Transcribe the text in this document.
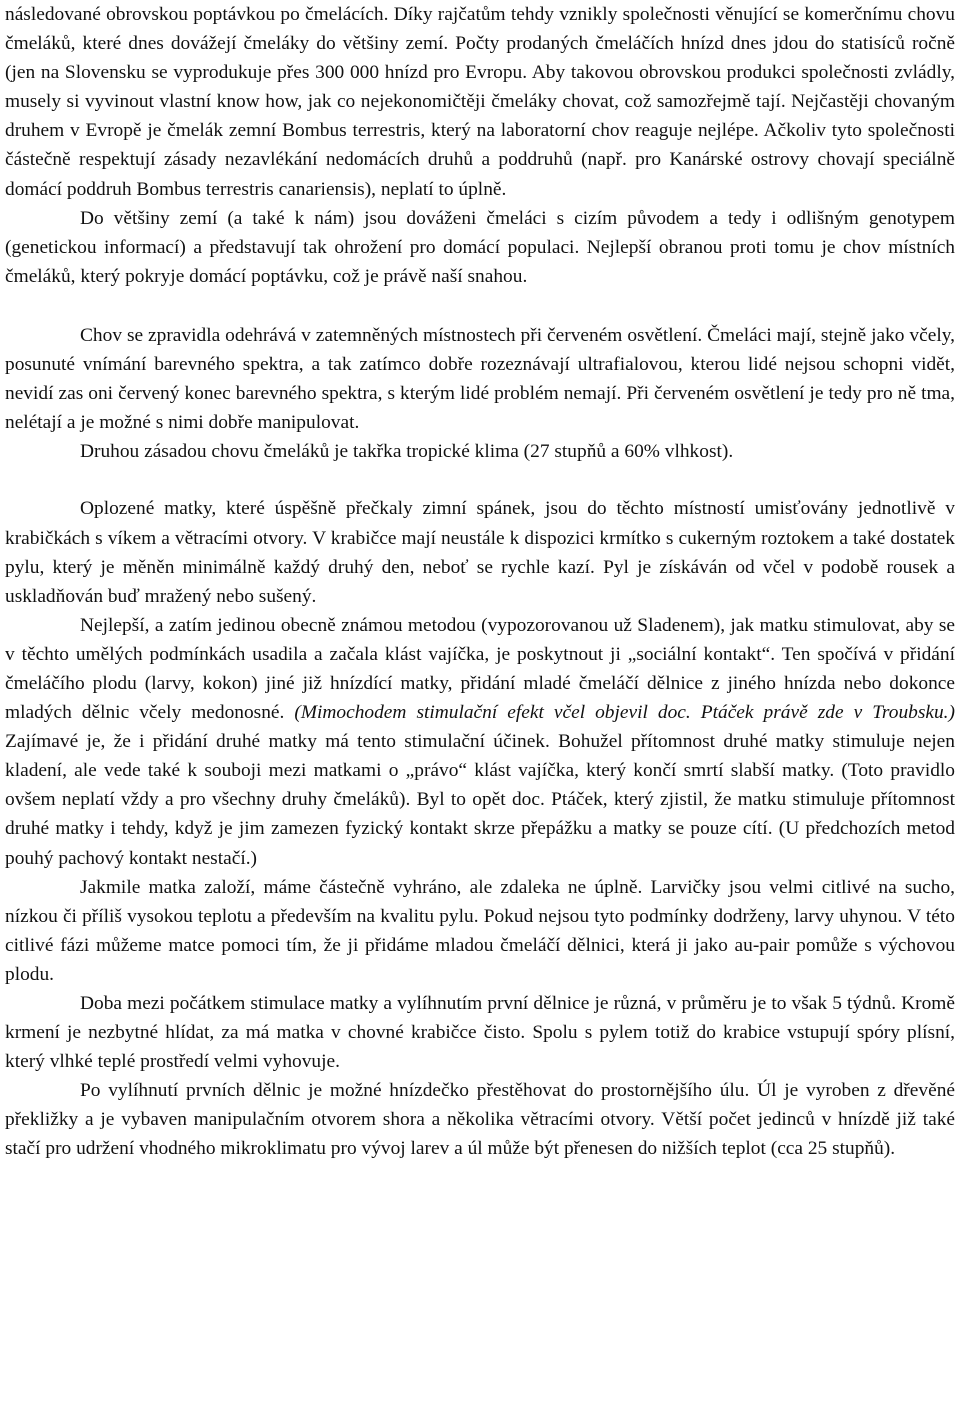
následované obrovskou poptávkou po čmelácích. Díky rajčatům tehdy vznikly společnosti věnující se komerčnímu chovu čmeláků, které dnes dovážejí čmeláky do většiny zemí. Počty prodaných čmeláčích hnízd dnes jdou do statisíců ročně (jen na Slovensku se vyprodukuje přes 300 000 hnízd pro Evropu. Aby takovou obrovskou produkci společnosti zvládly, musely si vyvinout vlastní know how, jak co nejekonomičtěji čmeláky chovat, což samozřejmě tají. Nejčastěji chovaným druhem v Evropě je čmelák zemní Bombus terrestris, který na laboratorní chov reaguje nejlépe. Ačkoliv tyto společnosti částečně respektují zásady nezavlékání nedomácích druhů a poddruhů (např. pro Kanárské ostrovy chovají speciálně domácí poddruh Bombus terrestris canariensis), neplatí to úplně.

Do většiny zemí (a také k nám) jsou dováženi čmeláci s cizím původem a tedy i odlišným genotypem (genetickou informací) a představují tak ohrožení pro domácí populaci. Nejlepší obranou proti tomu je chov místních čmeláků, který pokryje domácí poptávku, což je právě naší snahou.

Chov se zpravidla odehrává v zatemněných místnostech při červeném osvětlení. Čmeláci mají, stejně jako včely, posunuté vnímání barevného spektra, a tak zatímco dobře rozeznávají ultrafialovou, kterou lidé nejsou schopni vidět, nevidí zas oni červený konec barevného spektra, s kterým lidé problém nemají. Při červeném osvětlení je tedy pro ně tma, nelétají a je možné s nimi dobře manipulovat.

Druhou zásadou chovu čmeláků je takřka tropické klima (27 stupňů a 60% vlhkost).

Oplozené matky, které úspěšně přečkaly zimní spánek, jsou do těchto místností umisťovány jednotlivě v krabičkách s víkem a větracími otvory. V krabičce mají neustále k dispozici krmítko s cukerným roztokem a také dostatek pylu, který je měněn minimálně každý druhý den, neboť se rychle kazí. Pyl je získáván od včel v podobě rousek a uskladňován buď mražený nebo sušený.

Nejlepší, a zatím jedinou obecně známou metodou (vypozorovanou už Sladenem), jak matku stimulovat, aby se v těchto umělých podmínkách usadila a začala klást vajíčka, je poskytnout ji „sociální kontakt“. Ten spočívá v přidání čmeláčího plodu (larvy, kokon) jiné již hnízdící matky, přidání mladé čmeláčí dělnice z jiného hnízda nebo dokonce mladých dělnic včely medonosné. (Mimochodem stimulační efekt včel objevil doc. Ptáček právě zde v Troubsku.) Zajímavé je, že i přidání druhé matky má tento stimulační účinek. Bohužel přítomnost druhé matky stimuluje nejen kladení, ale vede také k souboji mezi matkami o „právo“ klást vajíčka, který končí smrtí slabší matky. (Toto pravidlo ovšem neplatí vždy a pro všechny druhy čmeláků). Byl to opět doc. Ptáček, který zjistil, že matku stimuluje přítomnost druhé matky i tehdy, když je jim zamezen fyzický kontakt skrze přepážku a matky se pouze cítí. (U předchozích metod pouhý pachový kontakt nestačí.)

Jakmile matka založí, máme částečně vyhráno, ale zdaleka ne úplně. Larvičky jsou velmi citlivé na sucho, nízkou či příliš vysokou teplotu a především na kvalitu pylu. Pokud nejsou tyto podmínky dodrženy, larvy uhynou. V této citlivé fázi můžeme matce pomoci tím, že ji přidáme mladou čmeláčí dělnici, která ji jako au-pair pomůže s výchovou plodu.

Doba mezi počátkem stimulace matky a vylíhnutím první dělnice je různá, v průměru je to však 5 týdnů. Kromě krmení je nezbytné hlídat, za má matka v chovné krabičce čisto. Spolu s pylem totiž do krabice vstupují spóry plísní, který vlhké teplé prostředí velmi vyhovuje.

Po vylíhnutí prvních dělnic je možné hnízdečko přestěhovat do prostornějšího úlu. Úl je vyroben z dřevěné překližky a je vybaven manipulačním otvorem shora a několika větracími otvory. Větší počet jedinců v hnízdě již také stačí pro udržení vhodného mikroklimatu pro vývoj larev a úl může být přenesen do nižších teplot (cca 25 stupňů).
